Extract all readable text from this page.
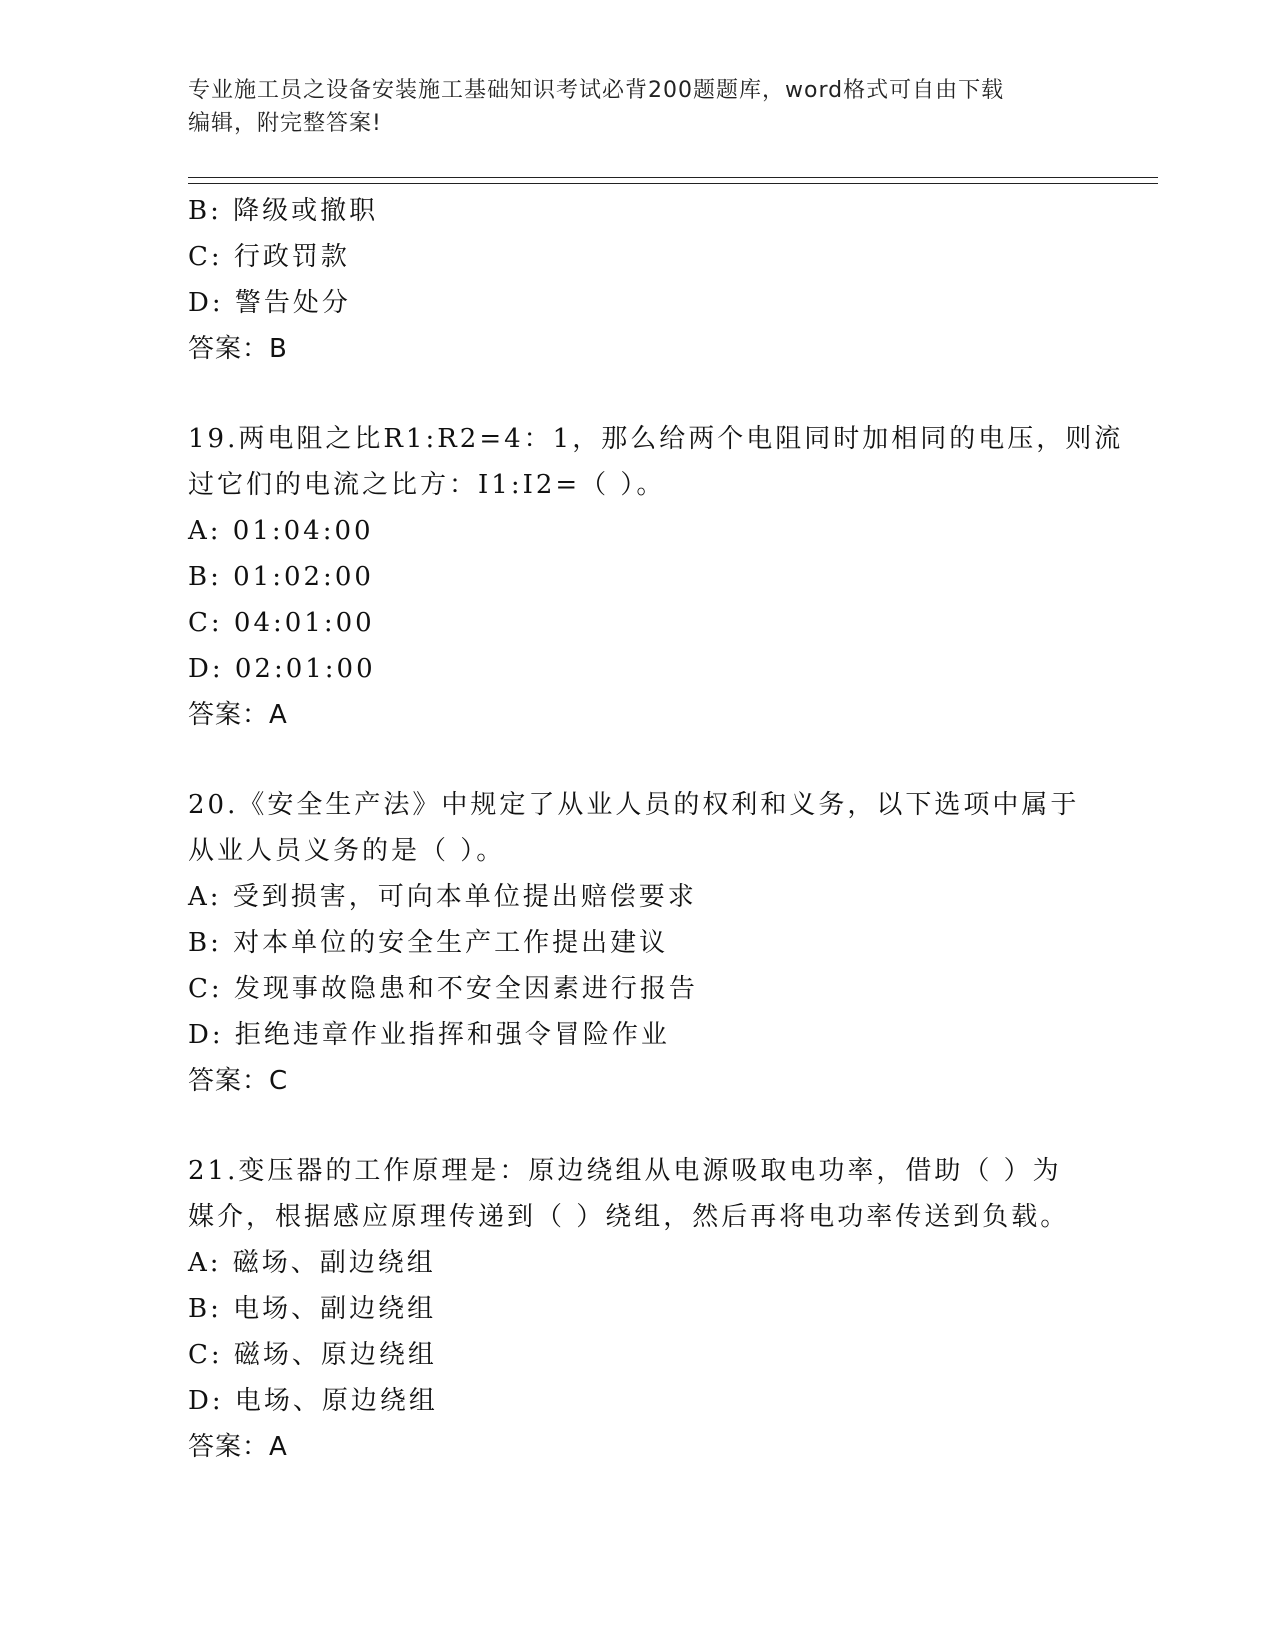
专业施工员之设备安装施工基础知识考试必背200题题库，word格式可自由下载
编辑，附完整答案!
B: 降级或撤职
C: 行政罚款
D: 警告处分
答案：B
19.两电阻之比R1:R2=4：1，那么给两个电阻同时加相同的电压，则流
过它们的电流之比方：I1:I2=（ ）。
A: 01:04:00
B: 01:02:00
C: 04:01:00
D: 02:01:00
答案：A
20.《安全生产法》中规定了从业人员的权利和义务，以下选项中属于
从业人员义务的是（ ）。
A: 受到损害，可向本单位提出赔偿要求
B: 对本单位的安全生产工作提出建议
C: 发现事故隐患和不安全因素进行报告
D: 拒绝违章作业指挥和强令冒险作业
答案：C
21.变压器的工作原理是：原边绕组从电源吸取电功率，借助（ ）为
媒介，根据感应原理传递到（ ）绕组，然后再将电功率传送到负载。
A: 磁场、副边绕组
B: 电场、副边绕组
C: 磁场、原边绕组
D: 电场、原边绕组
答案：A
